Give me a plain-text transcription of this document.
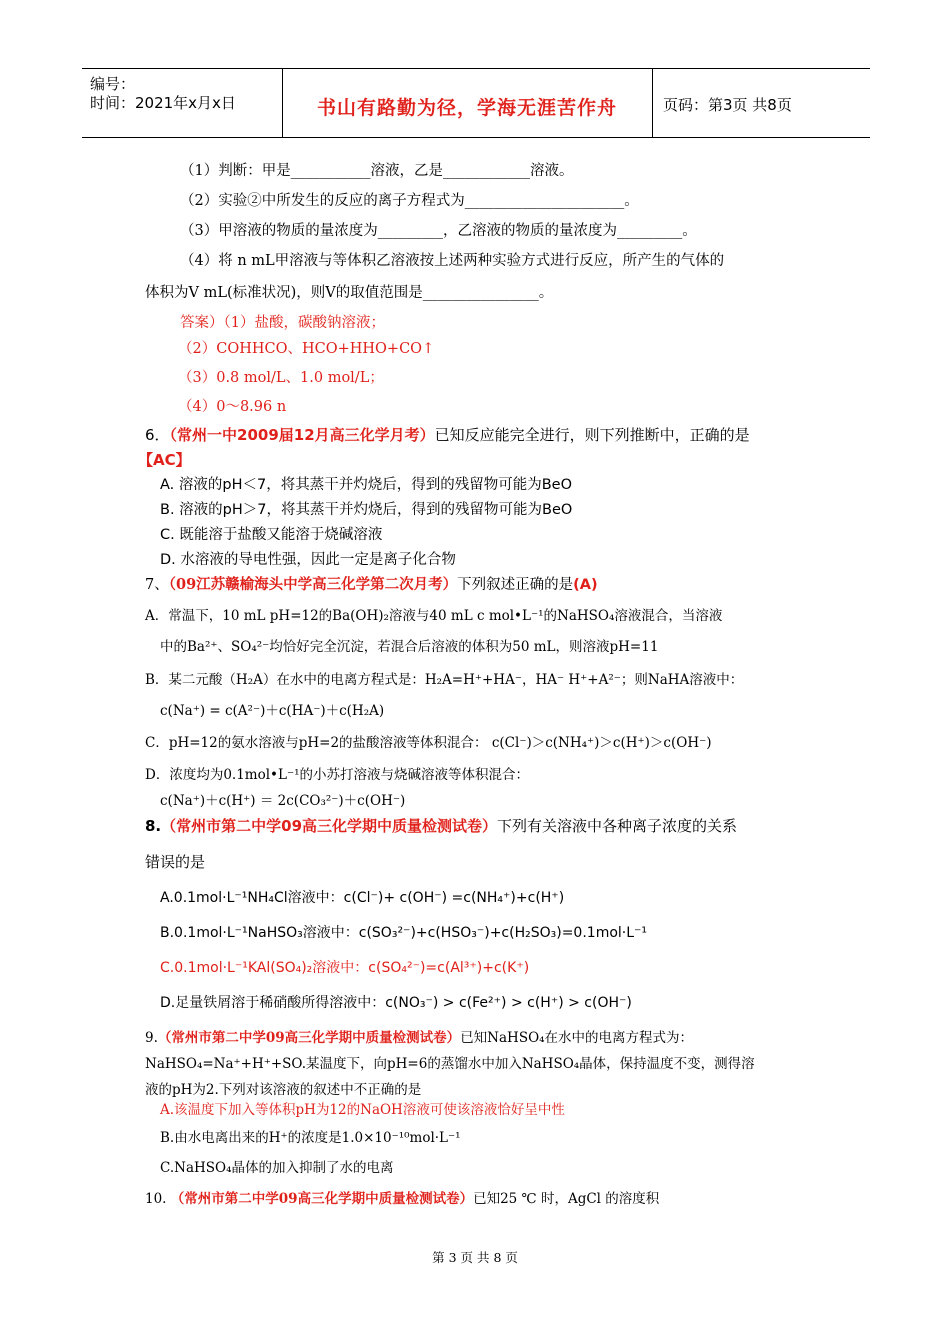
编号：
时间：2021年x月x日	书山有路勤为径，学海无涯苦作舟	页码：第3页 共8页
（1）判断：甲是___________溶液，乙是____________溶液。
（2）实验②中所发生的反应的离子方程式为______________________。
（3）甲溶液的物质的量浓度为_________，乙溶液的物质的量浓度为_________。
（4）将 n mL甲溶液与等体积乙溶液按上述两种实验方式进行反应，所产生的气体的
体积为V mL(标准状况)，则V的取值范围是________________。
答案）（1）盐酸，碳酸钠溶液；
（2）COHHCO、HCO+HHO+CO↑
（3）0.8 mol/L、1.0 mol/L；
（4）0～8.96 n
6．（常州一中2009届12月高三化学月考）已知反应能完全进行，则下列推断中，正确的是
【AC】
A. 溶液的pH＜7，将其蒸干并灼烧后，得到的残留物可能为BeO
B. 溶液的pH＞7，将其蒸干并灼烧后，得到的残留物可能为BeO
C. 既能溶于盐酸又能溶于烧碱溶液
D. 水溶液的导电性强，因此一定是离子化合物
7、（09江苏赣榆海头中学高三化学第二次月考）下列叙述正确的是(A)
A．常温下，10 mL pH=12的Ba(OH)₂溶液与40 mL c mol•L⁻¹的NaHSO₄溶液混合，当溶液
中的Ba²⁺、SO₄²⁻均恰好完全沉淀，若混合后溶液的体积为50 mL，则溶液pH=11
B．某二元酸（H₂A）在水中的电离方程式是：H₂A=H⁺+HA⁻，HA⁻ H⁺+A²⁻；则NaHA溶液中：
c(Na⁺) = c(A²⁻)＋c(HA⁻)＋c(H₂A)
C．pH=12的氨水溶液与pH=2的盐酸溶液等体积混合： c(Cl⁻)＞c(NH₄⁺)＞c(H⁺)＞c(OH⁻)
D．浓度均为0.1mol•L⁻¹的小苏打溶液与烧碱溶液等体积混合：
c(Na⁺)＋c(H⁺) ＝ 2c(CO₃²⁻)＋c(OH⁻)
8.（常州市第二中学09高三化学期中质量检测试卷）下列有关溶液中各种离子浓度的关系
错误的是
A.0.1mol·L⁻¹NH₄Cl溶液中：c(Cl⁻)+ c(OH⁻) =c(NH₄⁺)+c(H⁺)
B.0.1mol·L⁻¹NaHSO₃溶液中：c(SO₃²⁻)+c(HSO₃⁻)+c(H₂SO₃)=0.1mol·L⁻¹
C.0.1mol·L⁻¹KAl(SO₄)₂溶液中：c(SO₄²⁻)=c(Al³⁺)+c(K⁺)
D.足量铁屑溶于稀硝酸所得溶液中：c(NO₃⁻) > c(Fe²⁺) > c(H⁺) > c(OH⁻)
9.（常州市第二中学09高三化学期中质量检测试卷）已知NaHSO₄在水中的电离方程式为：
NaHSO₄=Na⁺+H⁺+SO.某温度下，向pH=6的蒸馏水中加入NaHSO₄晶体，保持温度不变，测得溶
液的pH为2.下列对该溶液的叙述中不正确的是
A.该温度下加入等体积pH为12的NaOH溶液可使该溶液恰好呈中性
B.由水电离出来的H⁺的浓度是1.0×10⁻¹⁰mol·L⁻¹
C.NaHSO₄晶体的加入抑制了水的电离
10. （常州市第二中学09高三化学期中质量检测试卷）已知25 ℃ 时，AgCl 的溶度积
第 3 页 共 8 页
